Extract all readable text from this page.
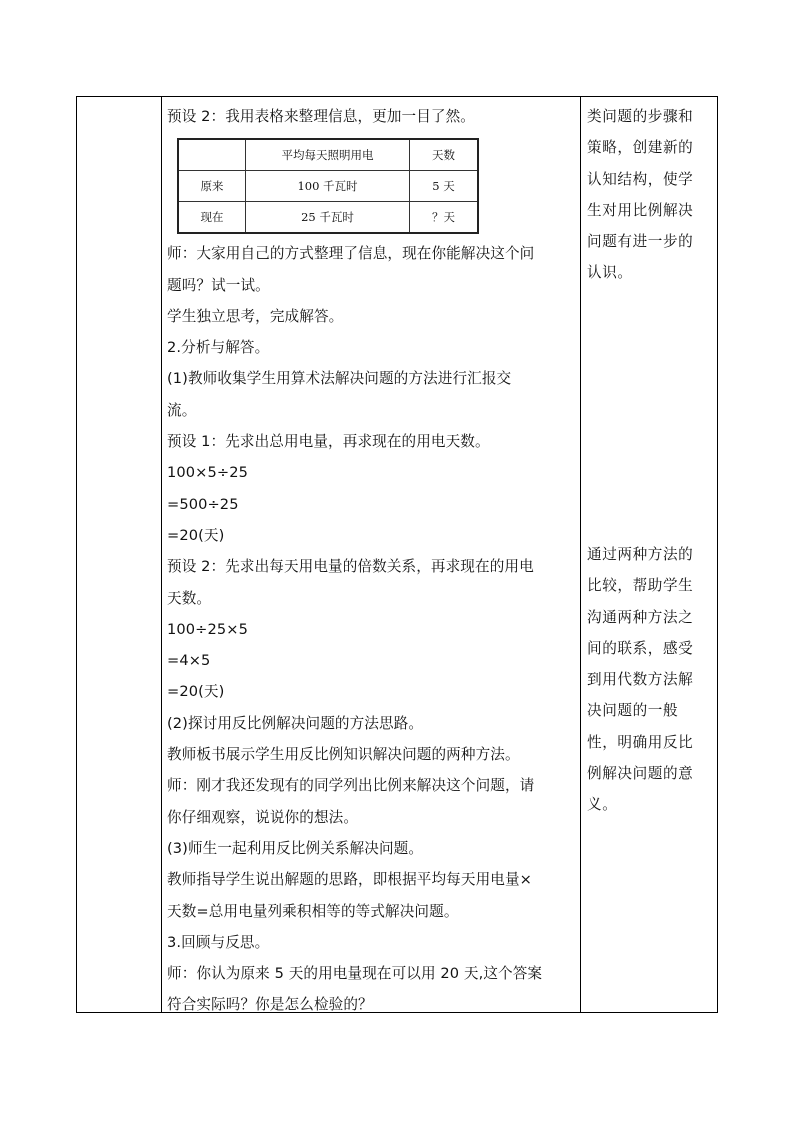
预设 2：我用表格来整理信息，更加一目了然。
	平均每天照明用电	天数
原来	100 千瓦时	5 天
现在	25 千瓦时	？天
师：大家用自己的方式整理了信息，现在你能解决这个问
题吗？试一试。
学生独立思考，完成解答。
2.分析与解答。
(1)教师收集学生用算术法解决问题的方法进行汇报交
流。
预设 1：先求出总用电量，再求现在的用电天数。
100×5÷25
=500÷25
=20(天)
预设 2：先求出每天用电量的倍数关系，再求现在的用电
天数。
100÷25×5
=4×5
=20(天)
(2)探讨用反比例解决问题的方法思路。
教师板书展示学生用反比例知识解决问题的两种方法。
师：刚才我还发现有的同学列出比例来解决这个问题，请
你仔细观察，说说你的想法。
(3)师生一起利用反比例关系解决问题。
教师指导学生说出解题的思路，即根据平均每天用电量×
天数=总用电量列乘积相等的等式解决问题。
3.回顾与反思。
师：你认为原来 5 天的用电量现在可以用 20 天,这个答案
符合实际吗？你是怎么检验的？
类问题的步骤和
策略，创建新的
认知结构，使学
生对用比例解决
问题有进一步的
认识。
通过两种方法的
比较，帮助学生
沟通两种方法之
间的联系，感受
到用代数方法解
决问题的一般
性，明确用反比
例解决问题的意
义。
